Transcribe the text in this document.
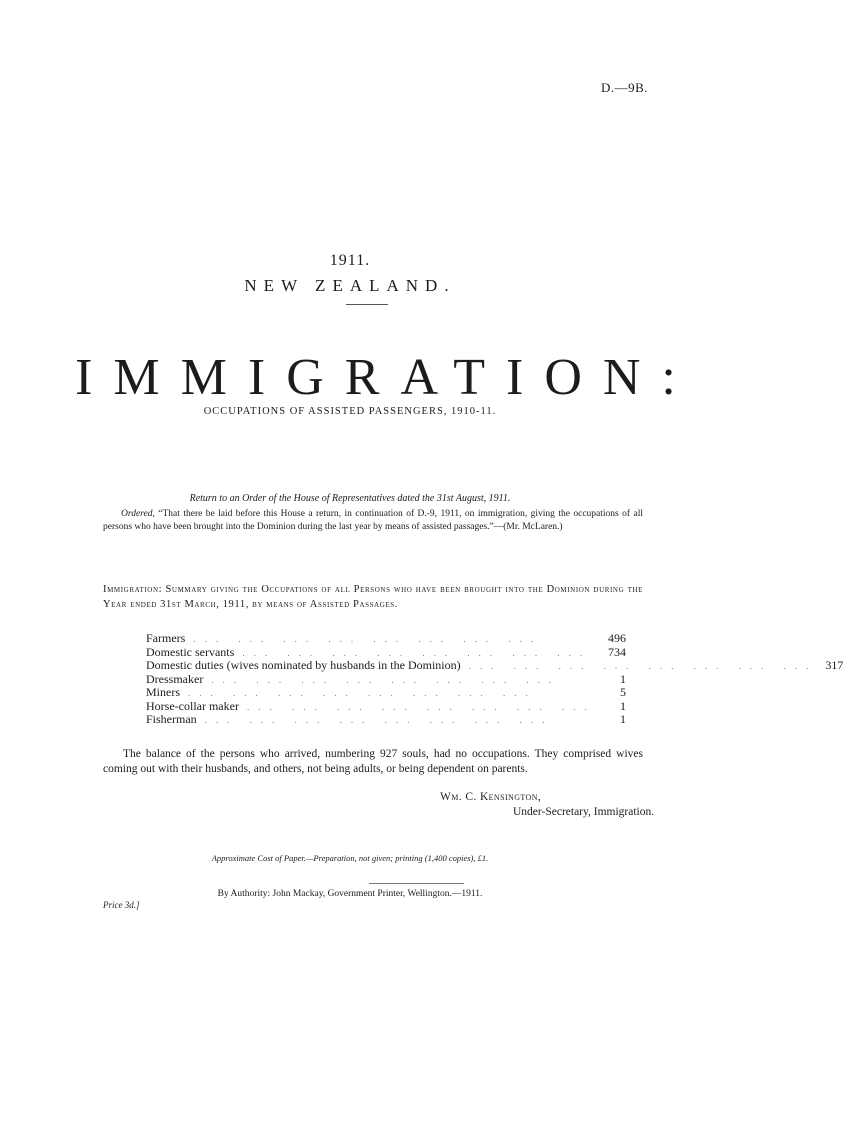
D.—9B.
1911.
NEW ZEALAND.
IMMIGRATION:
OCCUPATIONS OF ASSISTED PASSENGERS, 1910-11.
Return to an Order of the House of Representatives dated the 31st August, 1911.
Ordered, “That there be laid before this House a return, in continuation of D.-9, 1911, on immigration, giving the occupations of all persons who have been brought into the Dominion during the last year by means of assisted passages.”—(Mr. McLaren.)
Immigration: Summary giving the Occupations of all Persons who have been brought into the Dominion during the Year ended 31st March, 1911, by means of Assisted Passages.
Farmers ... ... ... ... ... ... ... ...	496
Domestic servants ... ... ... ... ... ... ... ...	734
Domestic duties (wives nominated by husbands in the Dominion) ... ... ... ... ... ... ... ... 317
Dressmaker ... ... ... ... ... ... ... ...	1
Miners ... ... ... ... ... ... ... ...	5
Horse-collar maker ... ... ... ... ... ... ... ...	1
Fisherman ... ... ... ... ... ... ... ...	1
The balance of the persons who arrived, numbering 927 souls, had no occupations. They comprised wives coming out with their husbands, and others, not being adults, or being dependent on parents.
Wm. C. Kensington,
Under-Secretary, Immigration.
Approximate Cost of Paper.—Preparation, not given; printing (1,400 copies), £1.
By Authority: John Mackay, Government Printer, Wellington.—1911.
Price 3d.]
